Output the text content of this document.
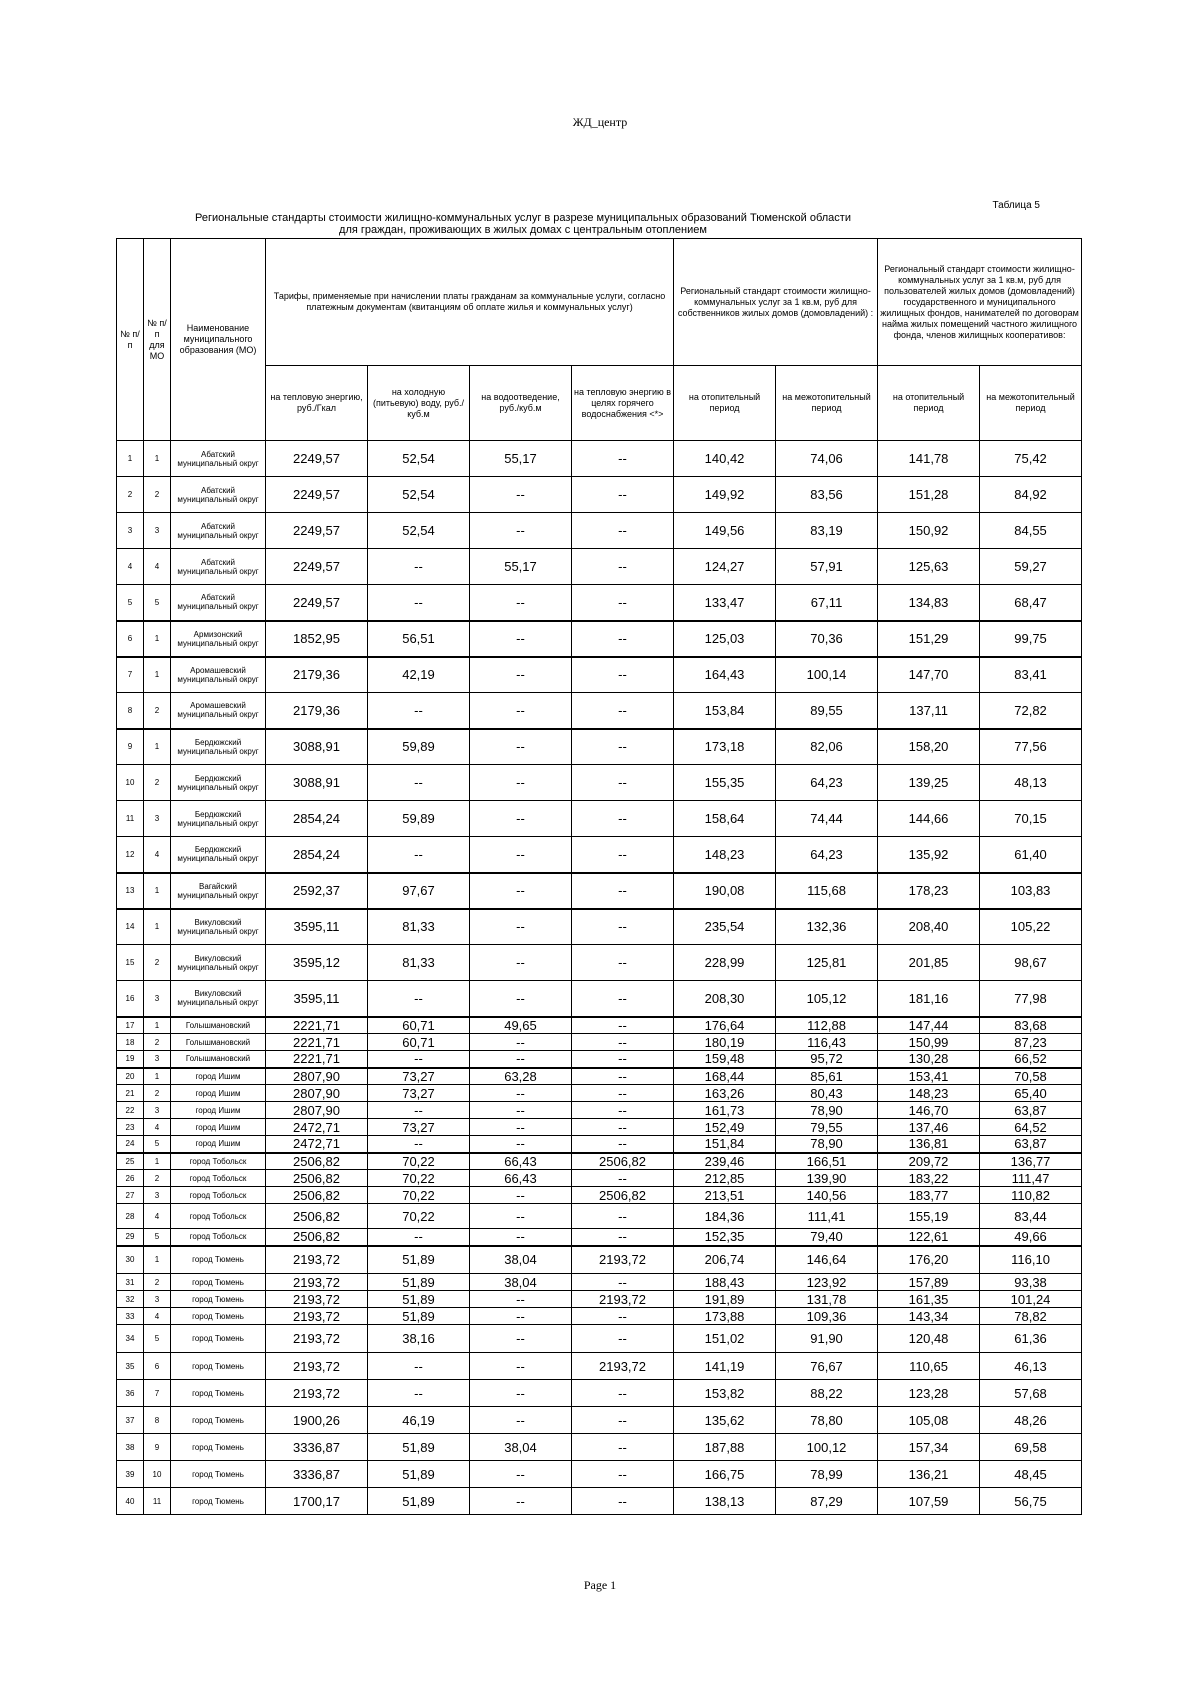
ЖД_центр
Таблица 5
Региональные стандарты стоимости жилищно-коммунальных услуг в разрезе муниципальных образований Тюменской области
для граждан, проживающих в жилых домах с центральным отоплением
№ п/п	№ п/п для МО	Наименование муниципального образования (МО)	Тарифы, применяемые при начислении платы гражданам за коммунальные услуги, согласно платежным документам (квитанциям об оплате жилья и коммунальных услуг)				Региональный стандарт стоимости жилищно-коммунальных услуг за 1 кв.м, руб для собственников жилых домов (домовладений) :		Региональный стандарт стоимости жилищно-коммунальных услуг за 1 кв.м, руб для пользователей жилых домов (домовладений) государственного и муниципального жилищных фондов, нанимателей по договорам найма жилых помещений частного жилищного фонда, членов жилищных кооперативов:	
			на тепловую энергию, руб./Гкал	на холодную (питьевую) воду, руб./куб.м	на водоотведение, руб./куб.м	на тепловую энергию в целях горячего водоснабжения <*>	на отопительный период	на межотопительный период	на отопительный период	на межотопительный период
1	1	Абатский муниципальный округ	2249,57	52,54	55,17	--	140,42	74,06	141,78	75,42
2	2	Абатский муниципальный округ	2249,57	52,54	--	--	149,92	83,56	151,28	84,92
3	3	Абатский муниципальный округ	2249,57	52,54	--	--	149,56	83,19	150,92	84,55
4	4	Абатский муниципальный округ	2249,57	--	55,17	--	124,27	57,91	125,63	59,27
5	5	Абатский муниципальный округ	2249,57	--	--	--	133,47	67,11	134,83	68,47
6	1	Армизонский муниципальный округ	1852,95	56,51	--	--	125,03	70,36	151,29	99,75
7	1	Аромашевский муниципальный округ	2179,36	42,19	--	--	164,43	100,14	147,70	83,41
8	2	Аромашевский муниципальный округ	2179,36	--	--	--	153,84	89,55	137,11	72,82
9	1	Бердюжский муниципальный округ	3088,91	59,89	--	--	173,18	82,06	158,20	77,56
10	2	Бердюжский муниципальный округ	3088,91	--	--	--	155,35	64,23	139,25	48,13
11	3	Бердюжский муниципальный округ	2854,24	59,89	--	--	158,64	74,44	144,66	70,15
12	4	Бердюжский муниципальный округ	2854,24	--	--	--	148,23	64,23	135,92	61,40
13	1	Вагайский муниципальный округ	2592,37	97,67	--	--	190,08	115,68	178,23	103,83
14	1	Викуловский муниципальный округ	3595,11	81,33	--	--	235,54	132,36	208,40	105,22
15	2	Викуловский муниципальный округ	3595,12	81,33	--	--	228,99	125,81	201,85	98,67
16	3	Викуловский муниципальный округ	3595,11	--	--	--	208,30	105,12	181,16	77,98
17	1	Голышмановский	2221,71	60,71	49,65	--	176,64	112,88	147,44	83,68
18	2	Голышмановский	2221,71	60,71	--	--	180,19	116,43	150,99	87,23
19	3	Голышмановский	2221,71	--	--	--	159,48	95,72	130,28	66,52
20	1	город Ишим	2807,90	73,27	63,28	--	168,44	85,61	153,41	70,58
21	2	город Ишим	2807,90	73,27	--	--	163,26	80,43	148,23	65,40
22	3	город Ишим	2807,90	--	--	--	161,73	78,90	146,70	63,87
23	4	город Ишим	2472,71	73,27	--	--	152,49	79,55	137,46	64,52
24	5	город Ишим	2472,71	--	--	--	151,84	78,90	136,81	63,87
25	1	город Тобольск	2506,82	70,22	66,43	2506,82	239,46	166,51	209,72	136,77
26	2	город Тобольск	2506,82	70,22	66,43	--	212,85	139,90	183,22	111,47
27	3	город Тобольск	2506,82	70,22	--	2506,82	213,51	140,56	183,77	110,82
28	4	город Тобольск	2506,82	70,22	--	--	184,36	111,41	155,19	83,44
29	5	город Тобольск	2506,82	--	--	--	152,35	79,40	122,61	49,66
30	1	город Тюмень	2193,72	51,89	38,04	2193,72	206,74	146,64	176,20	116,10
31	2	город Тюмень	2193,72	51,89	38,04	--	188,43	123,92	157,89	93,38
32	3	город Тюмень	2193,72	51,89	--	2193,72	191,89	131,78	161,35	101,24
33	4	город Тюмень	2193,72	51,89	--	--	173,88	109,36	143,34	78,82
34	5	город Тюмень	2193,72	38,16	--	--	151,02	91,90	120,48	61,36
35	6	город Тюмень	2193,72	--	--	2193,72	141,19	76,67	110,65	46,13
36	7	город Тюмень	2193,72	--	--	--	153,82	88,22	123,28	57,68
37	8	город Тюмень	1900,26	46,19	--	--	135,62	78,80	105,08	48,26
38	9	город Тюмень	3336,87	51,89	38,04	--	187,88	100,12	157,34	69,58
39	10	город Тюмень	3336,87	51,89	--	--	166,75	78,99	136,21	48,45
40	11	город Тюмень	1700,17	51,89	--	--	138,13	87,29	107,59	56,75
Page 1
